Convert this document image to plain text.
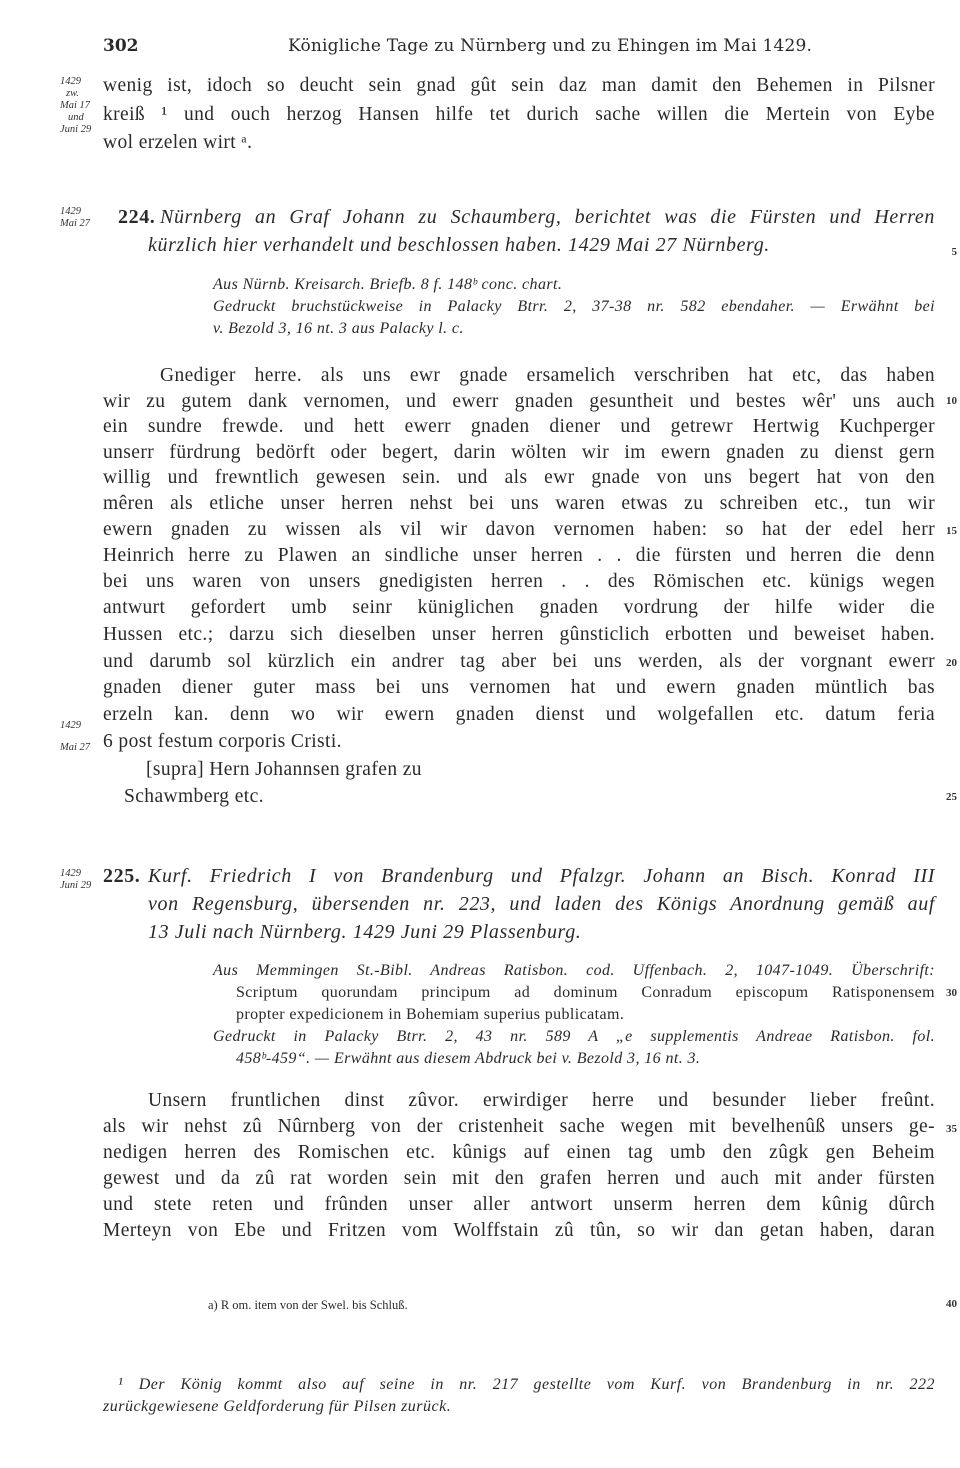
302	Königliche Tage zu Nürnberg und zu Ehingen im Mai 1429.
1429
zw.
Mai 17
und
Juni 29
wenig ist, idoch so deucht sein gnad gût sein daz man damit den Behemen in Pilsner
kreiß ¹ und ouch herzog Hansen hilfe tet durich sache willen die Mertein von Eybe
wol erzelen wirt ᵃ.
1429
Mai 27 224. Nürnberg an Graf Johann zu Schaumberg, berichtet was die Fürsten und Herren
kürzlich hier verhandelt und beschlossen haben. 1429 Mai 27 Nürnberg.
Aus Nürnb. Kreisarch. Briefb. 8 f. 148ᵇ conc. chart.
Gedruckt bruchstückweise in Palacky Btrr. 2, 37-38 nr. 582 ebendaher. — Erwähnt bei
v. Bezold 3, 16 nt. 3 aus Palacky l. c.
Gnediger herre. als uns ewr gnade ersamelich verschriben hat etc, das haben
wir zu gutem dank vernomen, und ewerr gnaden gesuntheit und bestes wêr' uns auch
ein sundre frewde. und hett ewerr gnaden diener und getrewr Hertwig Kuchperger
unserr fürdrung bedörft oder begert, darin wölten wir im ewern gnaden zu dienst gern
willig und frewntlich gewesen sein. und als ewr gnade von uns begert hat von den
mêren als etliche unser herren nehst bei uns waren etwas zu schreiben etc., tun wir
ewern gnaden zu wissen als vil wir davon vernomen haben: so hat der edel herr
Heinrich herre zu Plawen an sindliche unser herren . . die fürsten und herren die denn
bei uns waren von unsers gnedigisten herren . . des Römischen etc. künigs wegen
antwurt gefordert umb seinr küniglichen gnaden vordrung der hilfe wider die
Hussen etc.; darzu sich dieselben unser herren gûnsticlich erbotten und beweiset haben.
und darumb sol kürzlich ein andrer tag aber bei uns werden, als der vorgnant ewerr
gnaden diener guter mass bei uns vernomen hat und ewern gnaden müntlich bas
erzeln kan. denn wo wir ewern gnaden dienst und wolgefallen etc. datum feria
6 post festum corporis Cristi.
[supra] Hern Johannsen grafen zu
Schawmberg etc.
1429
Mai 27
1429
Juni 29 225. Kurf. Friedrich I von Brandenburg und Pfalzgr. Johann an Bisch. Konrad III
von Regensburg, übersenden nr. 223, und laden des Königs Anordnung gemäß auf
13 Juli nach Nürnberg. 1429 Juni 29 Plassenburg.
Aus Memmingen St.-Bibl. Andreas Ratisbon. cod. Uffenbach. 2, 1047-1049. Überschrift:
Scriptum quorundam principum ad dominum Conradum episcopum Ratisponensem
propter expedicionem in Bohemiam superius publicatam.
Gedruckt in Palacky Btrr. 2, 43 nr. 589 A „e supplementis Andreae Ratisbon. fol.
458ᵇ-459“. — Erwähnt aus diesem Abdruck bei v. Bezold 3, 16 nt. 3.
Unsern fruntlichen dinst zûvor. erwirdiger herre und besunder lieber freûnt.
als wir nehst zû Nûrnberg von der cristenheit sache wegen mit bevelhenûß unsers ge-
nedigen herren des Romischen etc. kûnigs auf einen tag umb den zûgk gen Beheim
gewest und da zû rat worden sein mit den grafen herren und auch mit ander fürsten
und stete reten und frûnden unser aller antwort unserm herren dem kûnig dûrch
Merteyn von Ebe und Fritzen vom Wolffstain zû tûn, so wir dan getan haben, daran
5
10
15
20
25
30
35
40
a) R om. item von der Swel. bis Schluß.
¹ Der König kommt also auf seine in nr. 217 gestellte vom Kurf. von Brandenburg in nr. 222
zurückgewiesene Geldforderung für Pilsen zurück.
